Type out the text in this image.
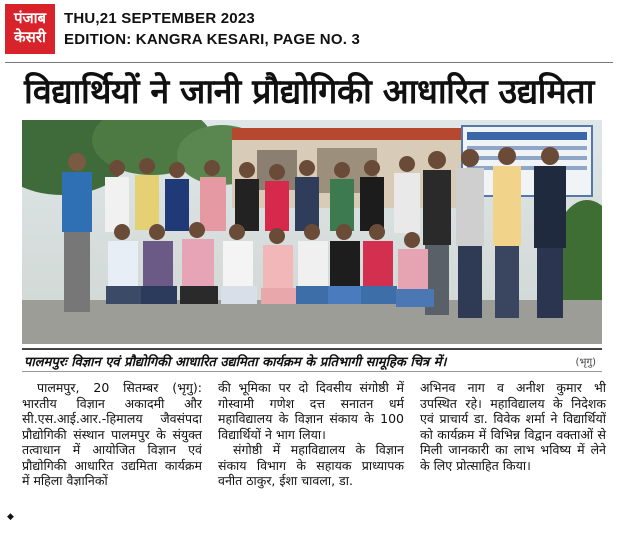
पंजाब
केसरी
THU,21 SEPTEMBER 2023
EDITION: KANGRA KESARI, PAGE NO. 3
विद्यार्थियों ने जानी प्रौद्योगिकी आधारित उद्यमिता
पालमपुरः विज्ञान एवं प्रौद्योगिकी आधारित उद्यमिता कार्यक्रम के प्रतिभागी सामूहिक चित्र में।	(भृगु)

पालमपुर, 20 सितम्बर (भृगु): भारतीय विज्ञान अकादमी और सी.एस.आई.आर.-हिमालय जैवसंपदा प्रौद्योगिकी संस्थान पालमपुर के संयुक्त तत्वाधान में आयोजित विज्ञान एवं प्रौद्योगिकी आधारित उद्यमिता कार्यक्रम में महिला वैज्ञानिकों

की भूमिका पर दो दिवसीय संगोष्ठी में गोस्वामी गणेश दत्त सनातन धर्म महाविद्यालय के विज्ञान संकाय के 100 विद्यार्थियों ने भाग लिया।

संगोष्ठी में महाविद्यालय के विज्ञान संकाय विभाग के सहायक प्राध्यापक वनीत ठाकुर, ईशा चावला, डा.

अभिनव नाग व अनीश कुमार भी उपस्थित रहे। महाविद्यालय के निदेशक एवं प्राचार्य डा. विवेक शर्मा ने विद्यार्थियों को कार्यक्रम में विभिन्न विद्वान वक्ताओं से मिली जानकारी का लाभ भविष्य में लेने के लिए प्रोत्साहित किया।

◆
